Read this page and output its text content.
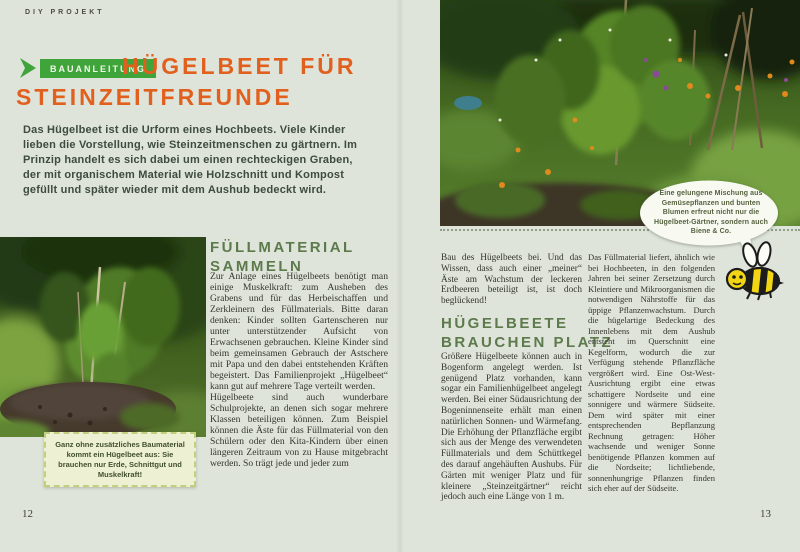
DIY PROJEKT
BAUANLEITUNG
HÜGELBEET FÜR
STEINZEITFREUNDE
Das Hügelbeet ist die Urform eines Hochbeets. Viele Kinder lieben die Vorstellung, wie Steinzeitmenschen zu gärtnern. Im Prinzip handelt es sich dabei um einen rechteckigen Graben, der mit organischem Material wie Holzschnitt und Kompost gefüllt und später wieder mit dem Aushub bedeckt wird.
Ganz ohne zusätzliches Baumaterial kommt ein Hügelbeet aus: Sie brauchen nur Erde, Schnittgut und Muskelkraft!
FÜLLMATERIAL
SAMMELN

Zur Anlage eines Hügelbeets benötigt man einige Muskelkraft: zum Ausheben des Grabens und für das Herbeischaffen und Zerkleinern des Füllmaterials. Bitte daran denken: Kinder sollten Gartenscheren nur unter unterstützender Aufsicht von Erwachsenen gebrauchen. Kleine Kinder sind beim gemeinsamen Gebrauch der Astschere mit Papa und den dabei entstehenden Kräften begeistert. Das Familienprojekt „Hügelbeet“ kann gut auf mehrere Tage verteilt werden.

Hügelbeete sind auch wunderbare Schulprojekte, an denen sich sogar mehrere Klassen beteiligen können. Zum Beispiel können die Äste für das Füllmaterial von den Schülern oder den Kita-Kindern über einen längeren Zeitraum von zu Hause mitgebracht werden. So trägt jede und jeder zum

12
Eine gelungene Mischung aus Gemüsepflanzen und bunten Blumen erfreut nicht nur die Hügelbeet-Gärtner, sondern auch Biene & Co.

Bau des Hügelbeets bei. Und das Wissen, dass auch einer „meiner“ Äste am Wachstum der leckeren Erdbeeren beteiligt ist, ist doch beglückend!

HÜGELBEETE
BRAUCHEN PLATZ

Größere Hügelbeete können auch in Bogenform angelegt werden. Ist genügend Platz vorhanden, kann sogar ein Familienhügelbeet angelegt werden. Bei einer Südausrichtung der Bogeninnenseite erhält man einen natürlichen Sonnen- und Wärmefang. Die Erhöhung der Pflanzfläche ergibt sich aus der Menge des verwendeten Füllmaterials und dem Schüttkegel des darauf angehäuften Aushubs. Für Gärten mit weniger Platz und für kleinere „Steinzeitgärtner“ reicht jedoch auch eine Länge von 1 m.

Das Füllmaterial liefert, ähnlich wie bei Hochbeeten, in den folgenden Jahren bei seiner Zersetzung durch Kleintiere und Mikroorganismen die notwendigen Nährstoffe für das üppige Pflanzenwachstum. Durch die hügelartige Bedeckung des Innenlebens mit dem Aushub entsteht im Querschnitt eine Kegelform, wodurch die zur Verfügung stehende Pflanzfläche vergrößert wird. Eine Ost-West-Ausrichtung ergibt eine etwas schattigere Nordseite und eine sonnigere und wärmere Südseite. Dem wird später mit einer entsprechenden Bepflanzung Rechnung getragen: Höher wachsende und weniger Sonne benötigende Pflanzen kommen auf die Nordseite; lichtliebende, sonnenhungrige Pflanzen finden sich eher auf der Südseite.

13
